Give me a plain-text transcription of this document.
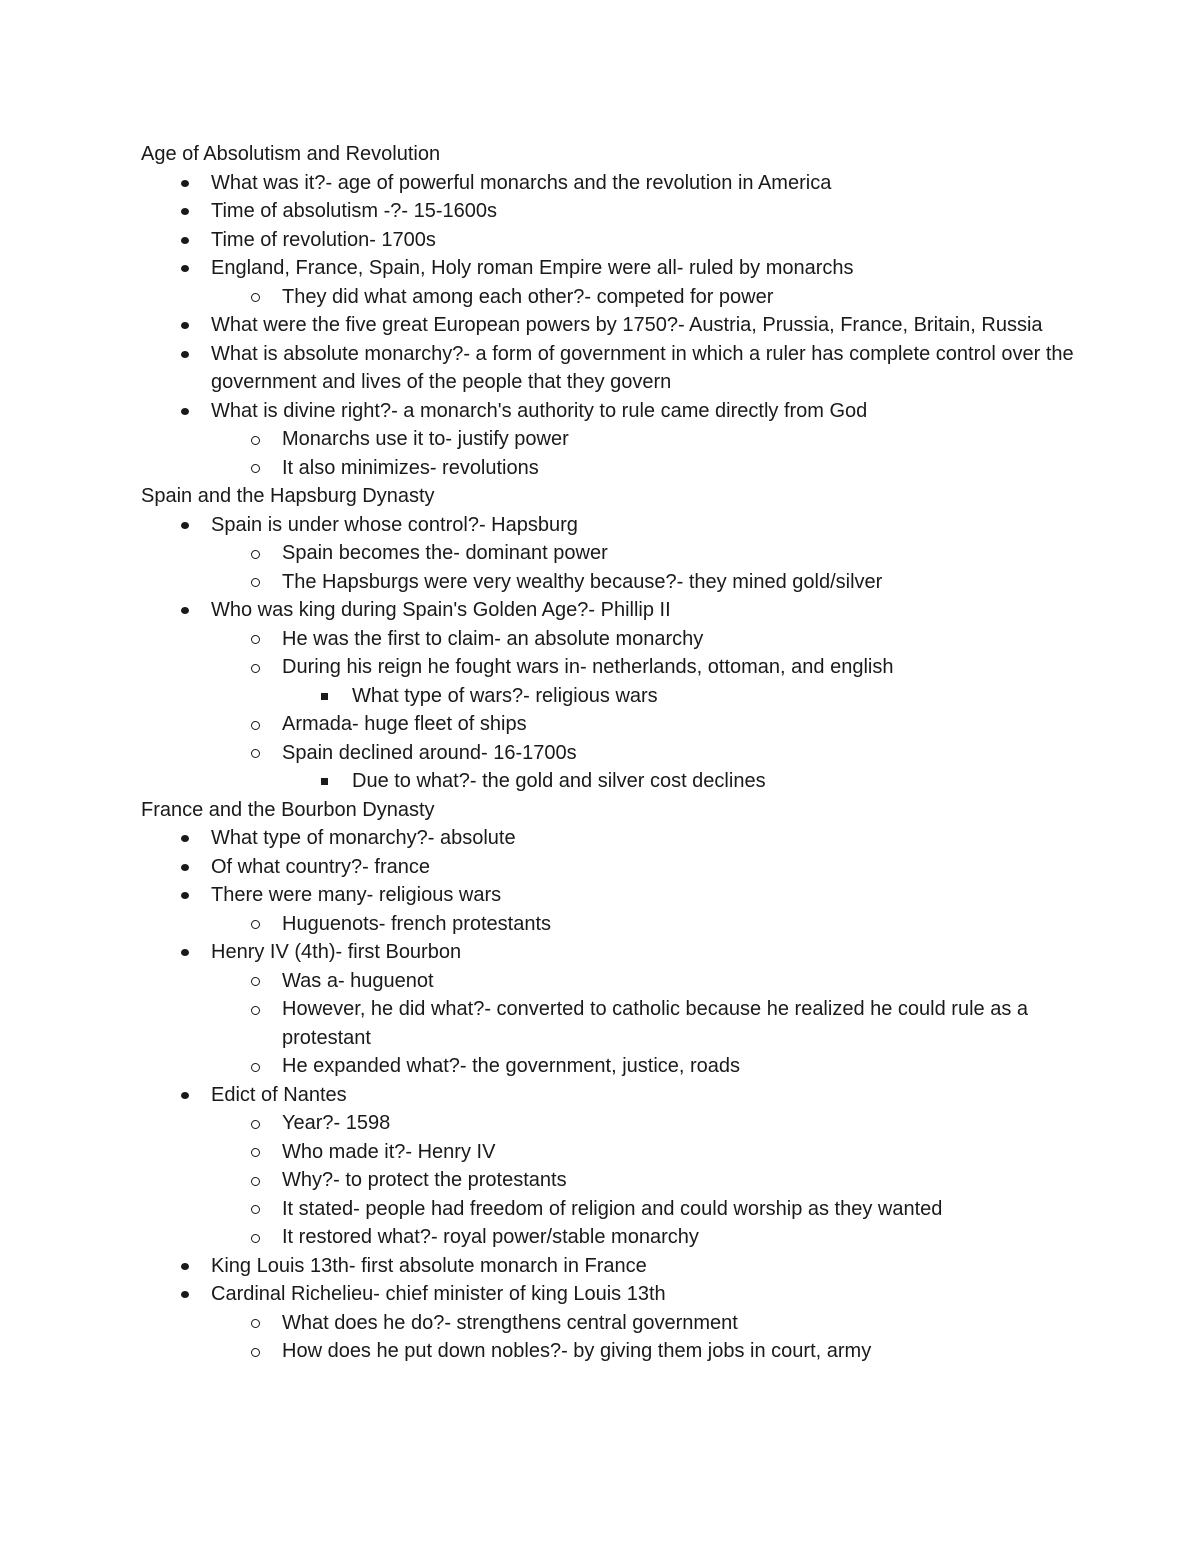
Age of Absolutism and Revolution
What was it?- age of powerful monarchs and the revolution in America
Time of absolutism -?- 15-1600s
Time of revolution- 1700s
England, France, Spain, Holy roman Empire were all- ruled by monarchs
They did what among each other?- competed for power
What were the five great European powers by 1750?- Austria, Prussia, France, Britain, Russia
What is absolute monarchy?- a form of government in which a ruler has complete control over the government and lives of the people that they govern
What is divine right?- a monarch's authority to rule came directly from God
Monarchs use it to- justify power
It also minimizes- revolutions
Spain and the Hapsburg Dynasty
Spain is under whose control?- Hapsburg
Spain becomes the- dominant power
The Hapsburgs were very wealthy because?- they mined gold/silver
Who was king during Spain's Golden Age?- Phillip II
He was the first to claim- an absolute monarchy
During his reign he fought wars in- netherlands, ottoman, and english
What type of wars?- religious wars
Armada- huge fleet of ships
Spain declined around- 16-1700s
Due to what?- the gold and silver cost declines
France and the Bourbon Dynasty
What type of monarchy?- absolute
Of what country?- france
There were many- religious wars
Huguenots- french protestants
Henry IV (4th)- first Bourbon
Was a- huguenot
However, he did what?- converted to catholic because he realized he could rule as a protestant
He expanded what?- the government, justice, roads
Edict of Nantes
Year?- 1598
Who made it?- Henry IV
Why?- to protect the protestants
It stated- people had freedom of religion and could worship as they wanted
It restored what?- royal power/stable monarchy
King Louis 13th- first absolute monarch in France
Cardinal Richelieu- chief minister of king Louis 13th
What does he do?- strengthens central government
How does he put down nobles?- by giving them jobs in court, army
